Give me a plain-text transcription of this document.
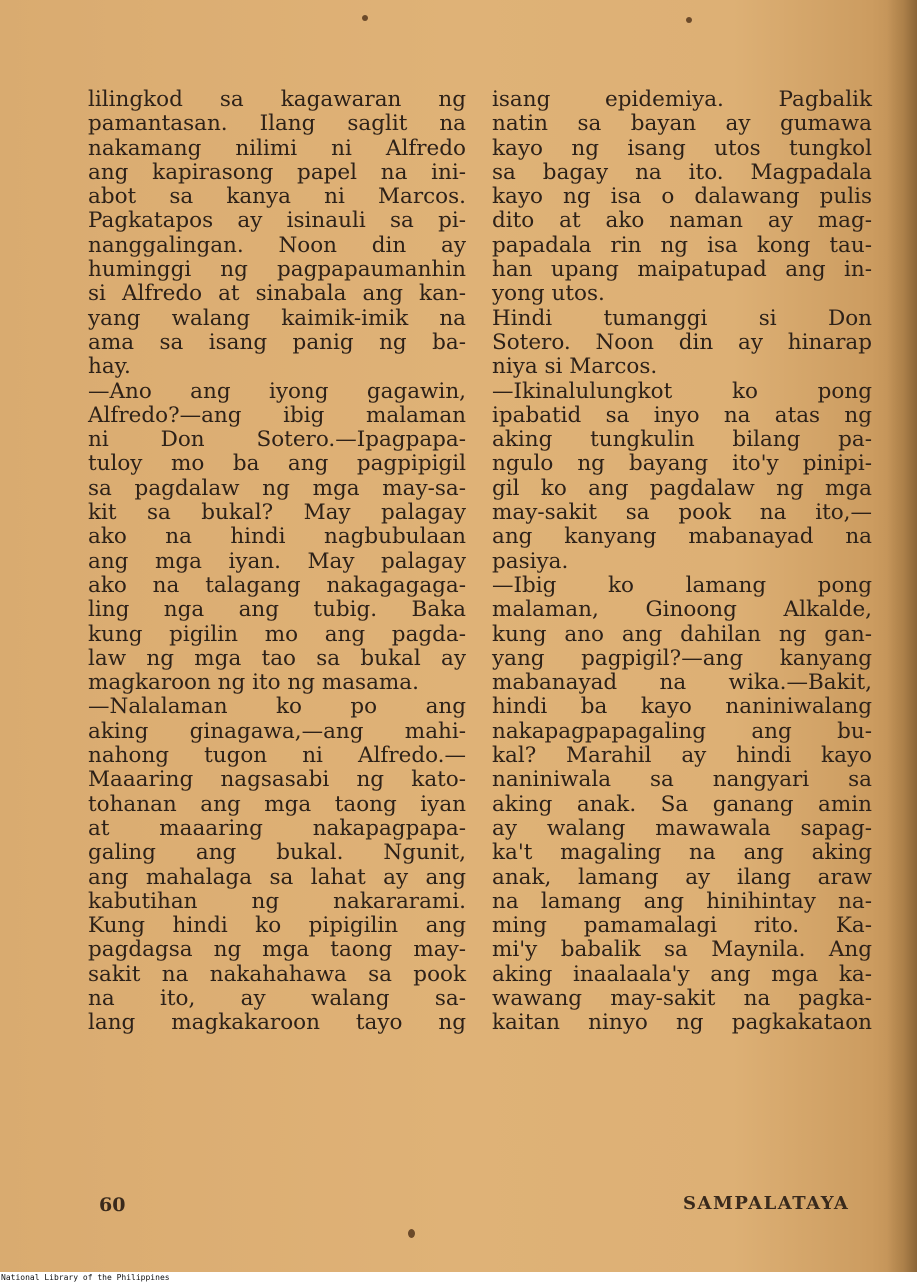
lilingkod sa kagawaran ng
pamantasan. Ilang saglit na
nakamang nilimi ni Alfredo
ang kapirasong papel na ini-
abot sa kanya ni Marcos.
Pagkatapos ay isinauli sa pi-
nanggalingan. Noon din ay
huminggi ng pagpapaumanhin
si Alfredo at sinabala ang kan-
yang walang kaimik-imik na
ama sa isang panig ng ba-
hay.
—Ano ang iyong gagawin,
Alfredo?—ang ibig malaman
ni Don Sotero.—Ipagpapa-
tuloy mo ba ang pagpipigil
sa pagdalaw ng mga may-sa-
kit sa bukal? May palagay
ako na hindi nagbubulaan
ang mga iyan. May palagay
ako na talagang nakagagaga-
ling nga ang tubig. Baka
kung pigilin mo ang pagda-
law ng mga tao sa bukal ay
magkaroon ng ito ng masama.
—Nalalaman ko po ang
aking ginagawa,—ang mahi-
nahong tugon ni Alfredo.—
Maaaring nagsasabi ng kato-
tohanan ang mga taong iyan
at maaaring nakapagpapa-
galing ang bukal. Ngunit,
ang mahalaga sa lahat ay ang
kabutihan ng nakararami.
Kung hindi ko pipigilin ang
pagdagsa ng mga taong may-
sakit na nakahahawa sa pook
na ito, ay walang sa-
lang magkakaroon tayo ng
isang epidemiya. Pagbalik
natin sa bayan ay gumawa
kayo ng isang utos tungkol
sa bagay na ito. Magpadala
kayo ng isa o dalawang pulis
dito at ako naman ay mag-
papadala rin ng isa kong tau-
han upang maipatupad ang in-
yong utos.
Hindi tumanggi si Don
Sotero. Noon din ay hinarap
niya si Marcos.
—Ikinalulungkot ko pong
ipabatid sa inyo na atas ng
aking tungkulin bilang pa-
ngulo ng bayang ito'y pinipi-
gil ko ang pagdalaw ng mga
may-sakit sa pook na ito,—
ang kanyang mabanayad na
pasiya.
—Ibig ko lamang pong
malaman, Ginoong Alkalde,
kung ano ang dahilan ng gan-
yang pagpigil?—ang kanyang
mabanayad na wika.—Bakit,
hindi ba kayo naniniwalang
nakapagpapagaling ang bu-
kal? Marahil ay hindi kayo
naniniwala sa nangyari sa
aking anak. Sa ganang amin
ay walang mawawala sapag-
ka't magaling na ang aking
anak, lamang ay ilang araw
na lamang ang hinihintay na-
ming pamamalagi rito. Ka-
mi'y babalik sa Maynila. Ang
aking inaalaala'y ang mga ka-
wawang may-sakit na pagka-
kaitan ninyo ng pagkakataon
60	SAMPALATAYA
National Library of the Philippines
